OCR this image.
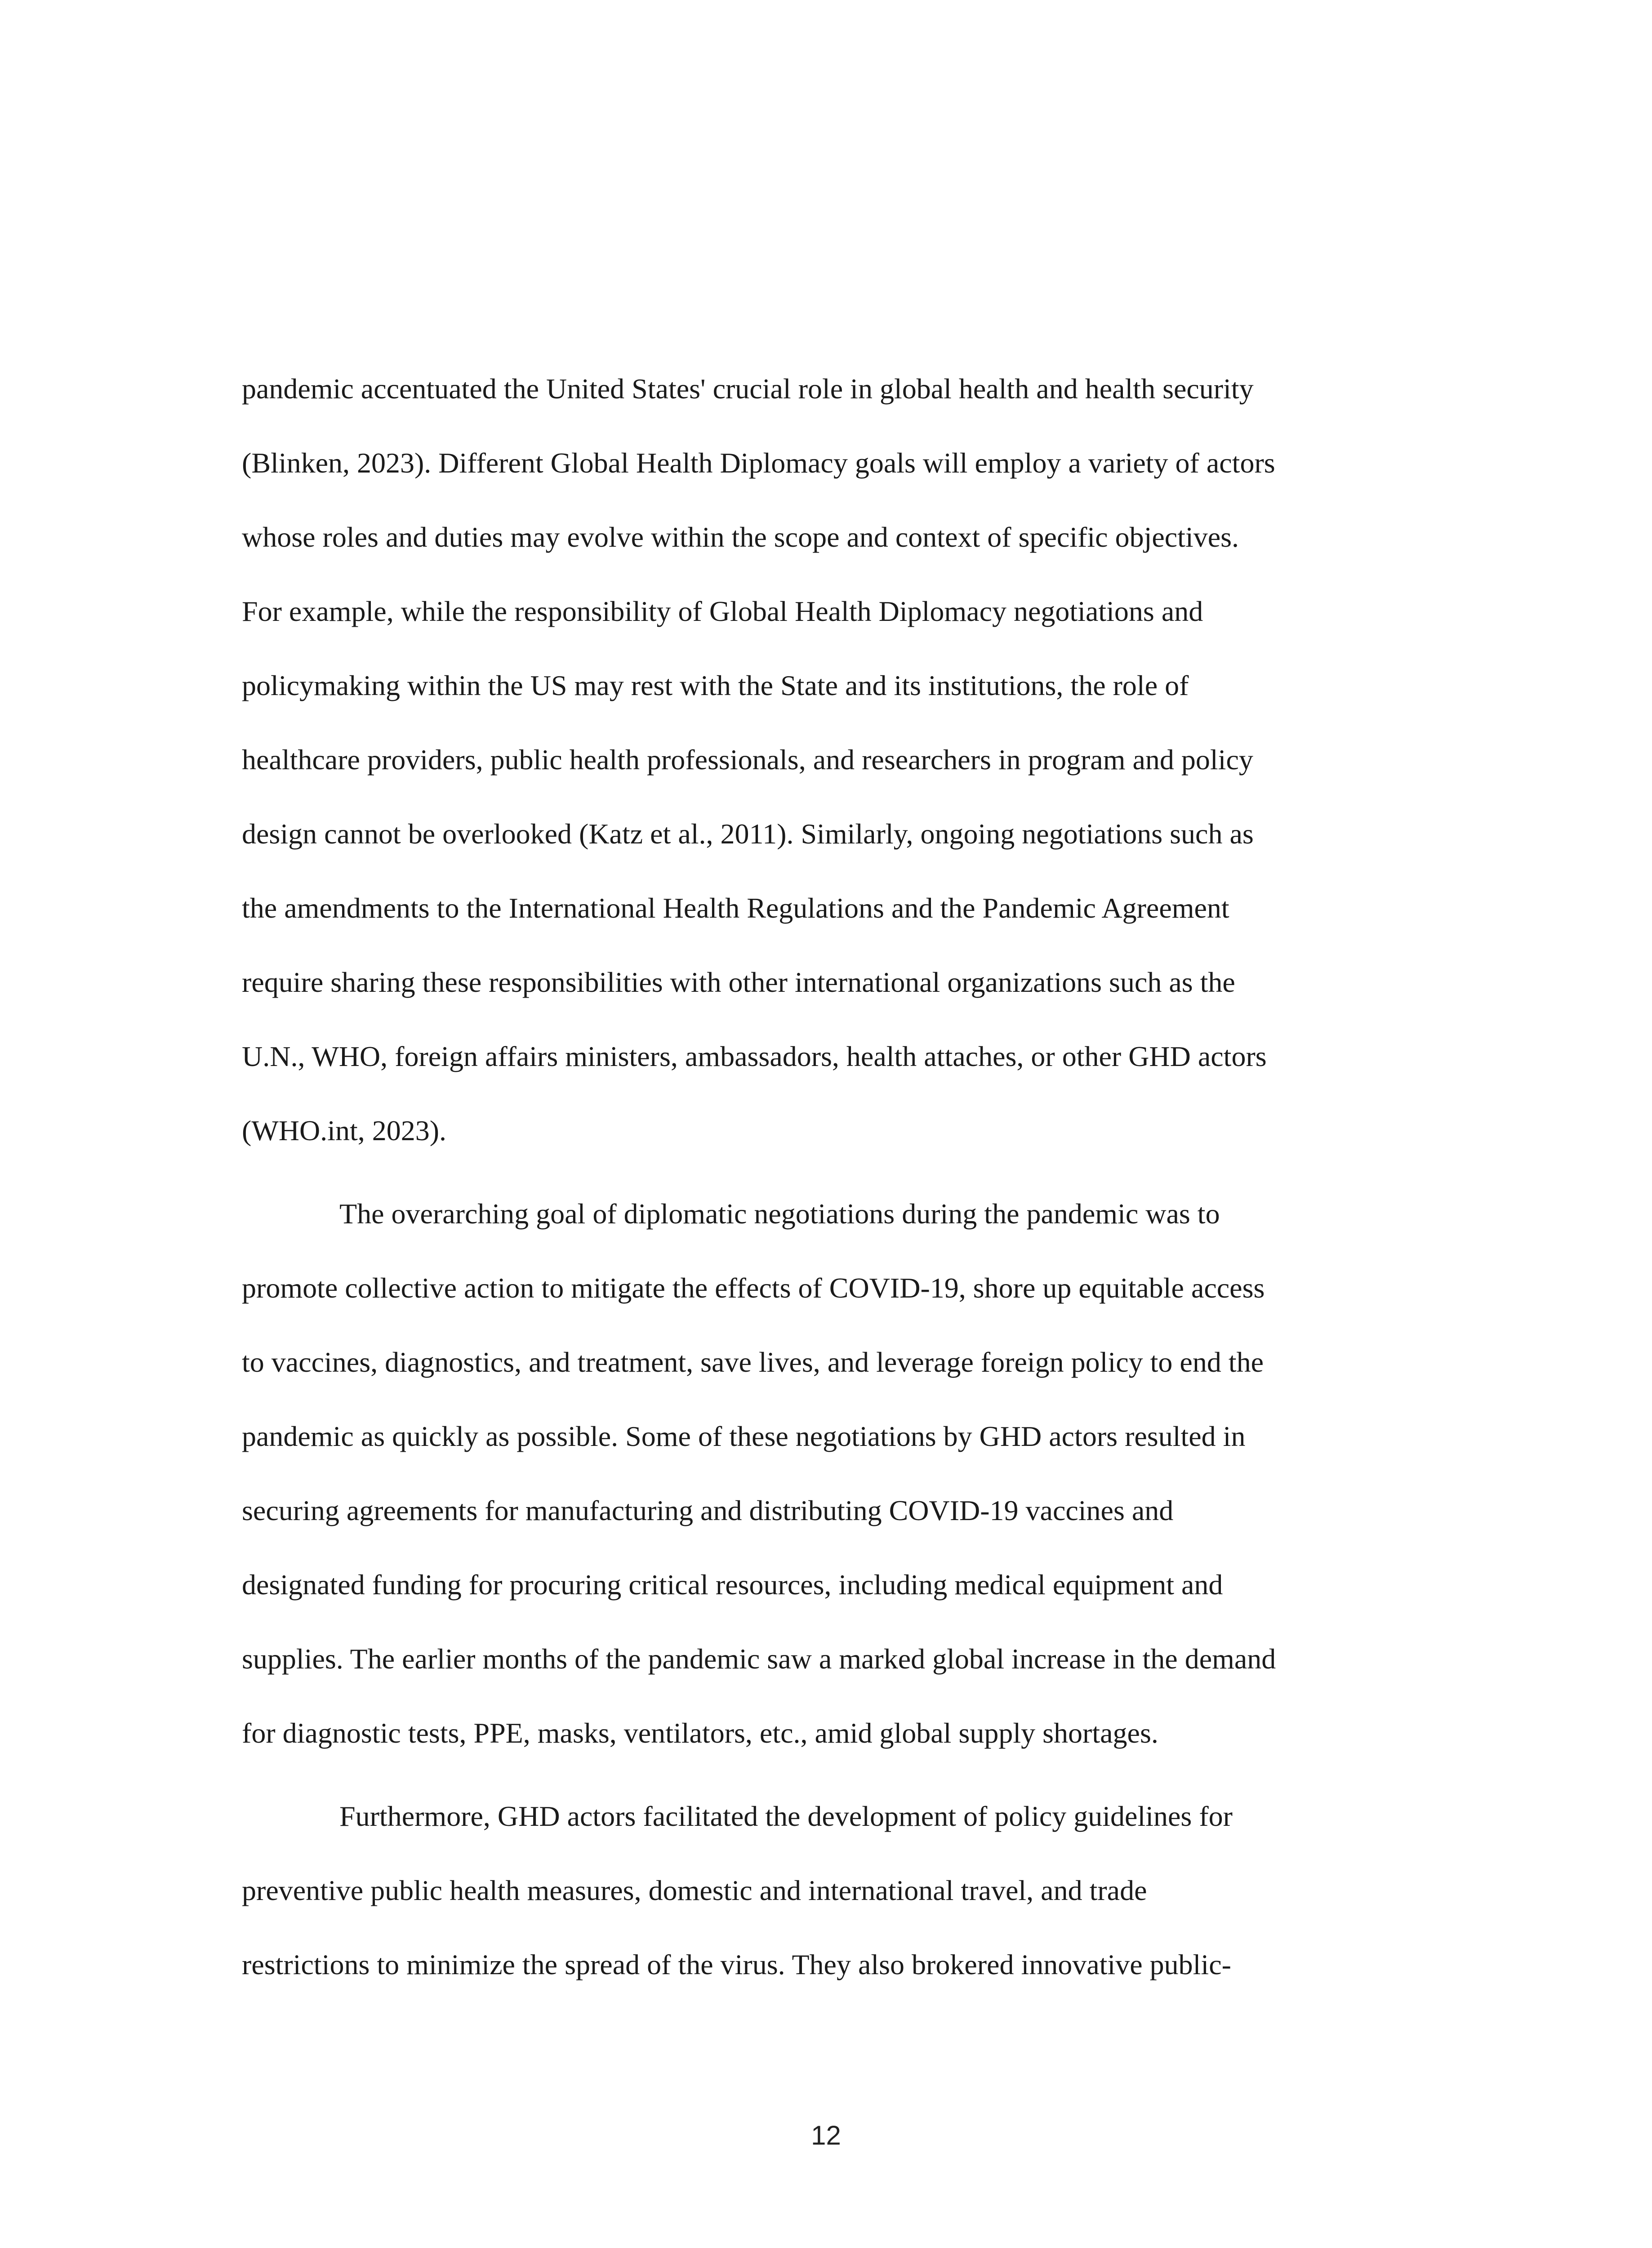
pandemic accentuated the United States' crucial role in global health and health security
(Blinken, 2023). Different Global Health Diplomacy goals will employ a variety of actors
whose roles and duties may evolve within the scope and context of specific objectives.
For example, while the responsibility of Global Health Diplomacy negotiations and
policymaking within the US may rest with the State and its institutions, the role of
healthcare providers, public health professionals, and researchers in program and policy
design cannot be overlooked (Katz et al., 2011). Similarly, ongoing negotiations such as
the amendments to the International Health Regulations and the Pandemic Agreement
require sharing these responsibilities with other international organizations such as the
U.N., WHO, foreign affairs ministers, ambassadors, health attaches, or other GHD actors
(WHO.int, 2023).
The overarching goal of diplomatic negotiations during the pandemic was to
promote collective action to mitigate the effects of COVID-19, shore up equitable access
to vaccines, diagnostics, and treatment, save lives, and leverage foreign policy to end the
pandemic as quickly as possible. Some of these negotiations by GHD actors resulted in
securing agreements for manufacturing and distributing COVID-19 vaccines and
designated funding for procuring critical resources, including medical equipment and
supplies. The earlier months of the pandemic saw a marked global increase in the demand
for diagnostic tests, PPE, masks, ventilators, etc., amid global supply shortages.
Furthermore, GHD actors facilitated the development of policy guidelines for
preventive public health measures, domestic and international travel, and trade
restrictions to minimize the spread of the virus. They also brokered innovative public-
12
